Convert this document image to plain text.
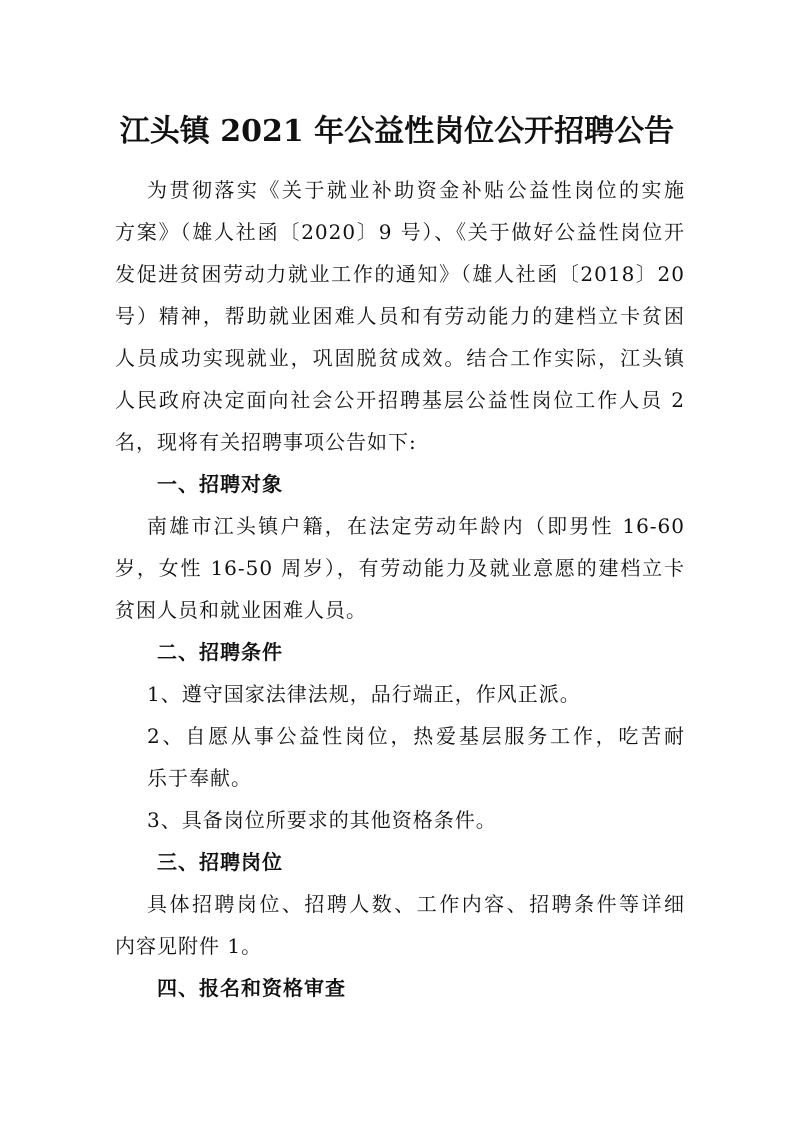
江头镇 2021 年公益性岗位公开招聘公告

为贯彻落实《关于就业补助资金补贴公益性岗位的实施

方案》（雄人社函〔2020〕9 号）、《关于做好公益性岗位开

发促进贫困劳动力就业工作的通知》（雄人社函〔2018〕20

号）精神，帮助就业困难人员和有劳动能力的建档立卡贫困

人员成功实现就业，巩固脱贫成效。结合工作实际，江头镇

人民政府决定面向社会公开招聘基层公益性岗位工作人员 2

名，现将有关招聘事项公告如下:

一、招聘对象

南雄市江头镇户籍，在法定劳动年龄内（即男性 16-60

岁，女性 16-50 周岁），有劳动能力及就业意愿的建档立卡

贫困人员和就业困难人员。

二、招聘条件

1、遵守国家法律法规，品行端正，作风正派。

2、自愿从事公益性岗位，热爱基层服务工作，吃苦耐

乐于奉献。

3、具备岗位所要求的其他资格条件。

三、招聘岗位

具体招聘岗位、招聘人数、工作内容、招聘条件等详细

内容见附件 1。

四、报名和资格审查
